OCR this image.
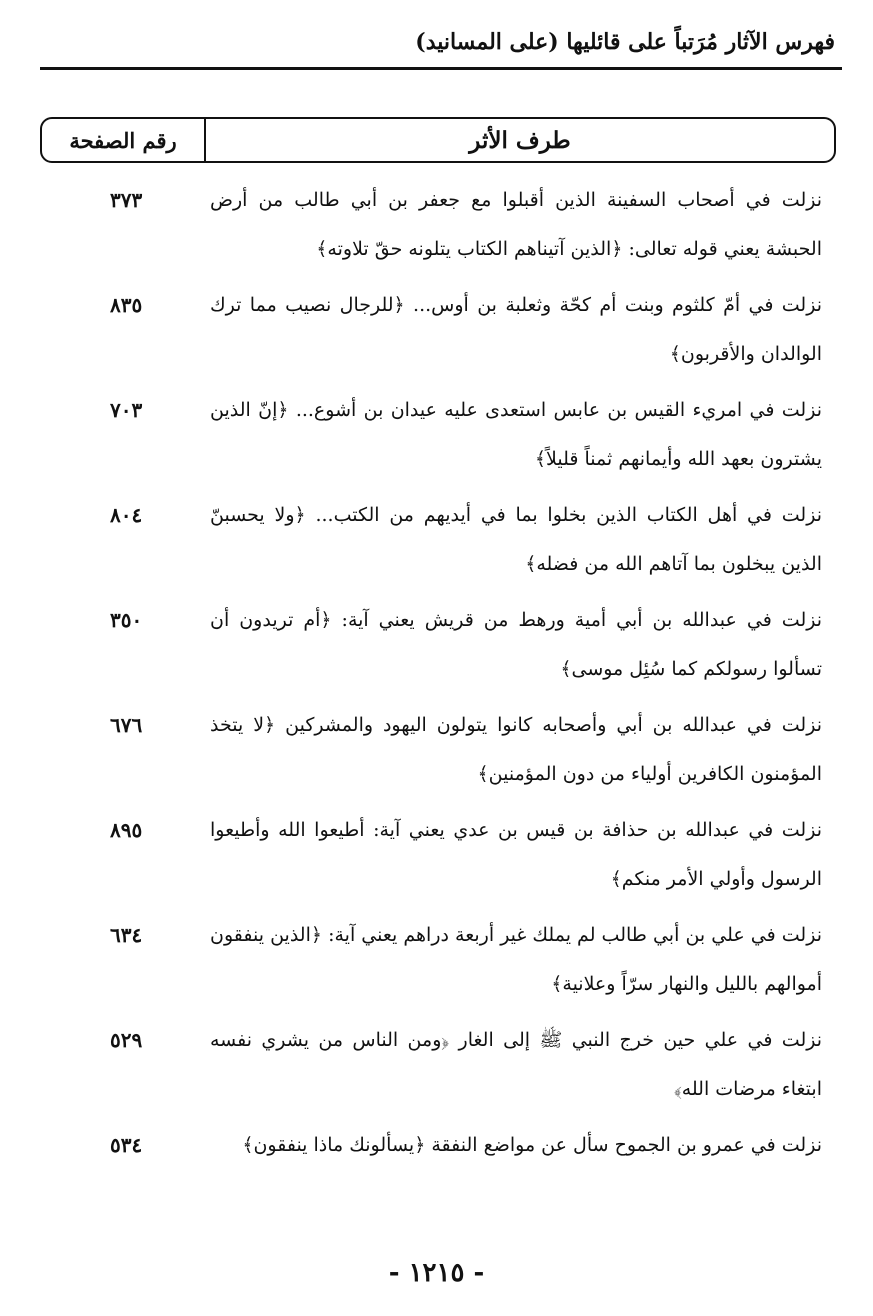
فهرس الآثار مُرَتباً على قائليها (على المسانيد)
طرف الأثر
رقم الصفحة
نزلت في أصحاب السفينة الذين أقبلوا مع جعفر بن أبي طالب من أرض الحبشة يعني قوله تعالى: ﴿الذين آتيناهم الكتاب يتلونه حقّ تلاوته﴾
٣٧٣
نزلت في أمّ كلثوم وبنت أم كحّة وثعلبة بن أوس... ﴿للرجال نصيب مما ترك الوالدان والأقربون﴾
٨٣٥
نزلت في امريء القيس بن عابس استعدى عليه عيدان بن أشوع... ﴿إنّ الذين يشترون بعهد الله وأيمانهم ثمناً قليلاً﴾
٧٠٣
نزلت في أهل الكتاب الذين بخلوا بما في أيديهم من الكتب... ﴿ولا يحسبنّ الذين يبخلون بما آتاهم الله من فضله﴾
٨٠٤
نزلت في عبدالله بن أبي أمية ورهط من قريش يعني آية: ﴿أم تريدون أن تسألوا رسولكم كما سُئِل موسى﴾
٣٥٠
نزلت في عبدالله بن أبي وأصحابه كانوا يتولون اليهود والمشركين ﴿لا يتخذ المؤمنون الكافرين أولياء من دون المؤمنين﴾
٦٧٦
نزلت في عبدالله بن حذافة بن قيس بن عدي يعني آية: أطيعوا الله وأطيعوا الرسول وأولي الأمر منكم﴾
٨٩٥
نزلت في علي بن أبي طالب لم يملك غير أربعة دراهم يعني آية: ﴿الذين ينفقون أموالهم بالليل والنهار سرّاً وعلانية﴾
٦٣٤
نزلت في علي حين خرج النبي ﷺ إلى الغار ﴿ومن الناس من يشري نفسه ابتغاء مرضات الله﴾
٥٢٩
نزلت في عمرو بن الجموح سأل عن مواضع النفقة ﴿يسألونك ماذا ينفقون﴾
٥٣٤
- ١٢١٥ -
